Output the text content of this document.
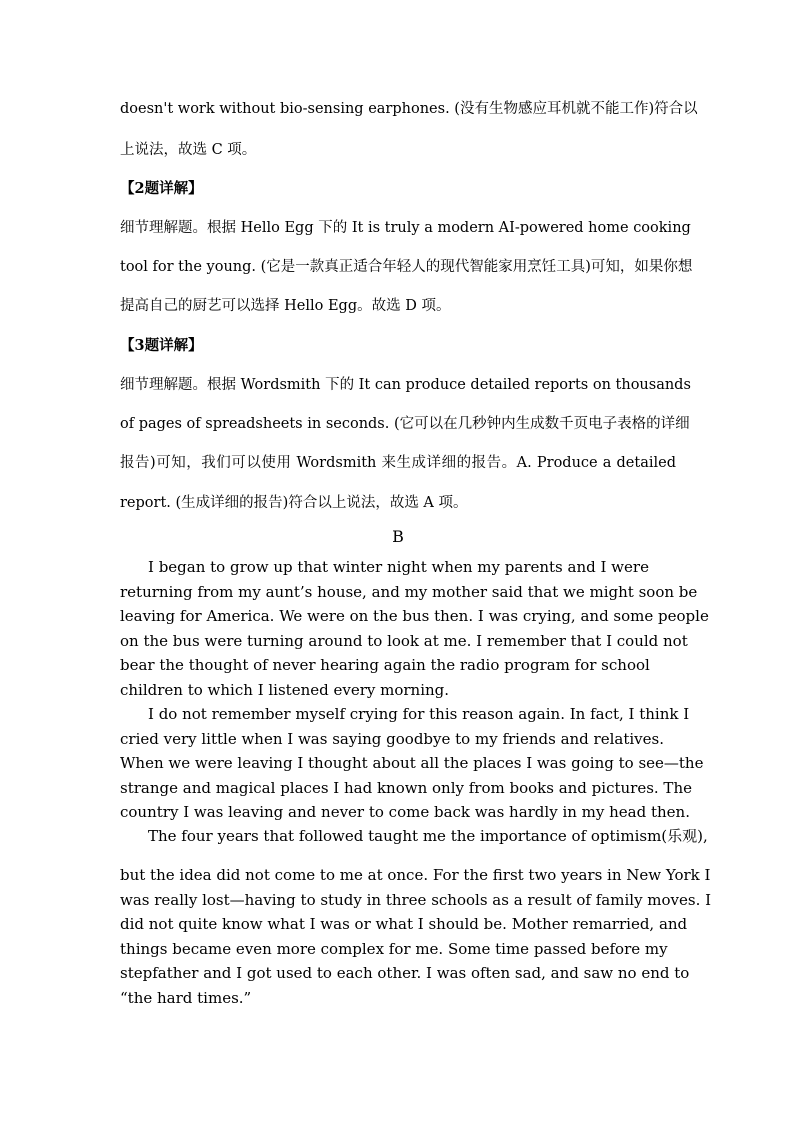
doesn't work without bio-sensing earphones. (没有生物感应耳机就不能工作)符合以
上说法，故选 C 项。
【2题详解】
细节理解题。根据 Hello Egg 下的 It is truly a modern AI-powered home cooking
tool for the young. (它是一款真正适合年轻人的现代智能家用烹饪工具)可知，如果你想
提高自己的厨艺可以选择 Hello Egg。故选 D 项。
【3题详解】
细节理解题。根据 Wordsmith 下的 It can produce detailed reports on thousands
of pages of spreadsheets in seconds. (它可以在几秒钟内生成数千页电子表格的详细
报告)可知，我们可以使用 Wordsmith 来生成详细的报告。A. Produce a detailed
report. (生成详细的报告)符合以上说法，故选 A 项。
B
I began to grow up that winter night when my parents and I were
returning from my aunt’s house, and my mother said that we might soon be
leaving for America. We were on the bus then. I was crying, and some people
on the bus were turning around to look at me. I remember that I could not
bear the thought of never hearing again the radio program for school
children to which I listened every morning.
I do not remember myself crying for this reason again. In fact, I think I
cried very little when I was saying goodbye to my friends and relatives.
When we were leaving I thought about all the places I was going to see—the
strange and magical places I had known only from books and pictures. The
country I was leaving and never to come back was hardly in my head then.
The four years that followed taught me the importance of optimism(乐观),
but the idea did not come to me at once. For the first two years in New York I
was really lost—having to study in three schools as a result of family moves. I
did not quite know what I was or what I should be. Mother remarried, and
things became even more complex for me. Some time passed before my
stepfather and I got used to each other. I was often sad, and saw no end to
“the hard times.”
